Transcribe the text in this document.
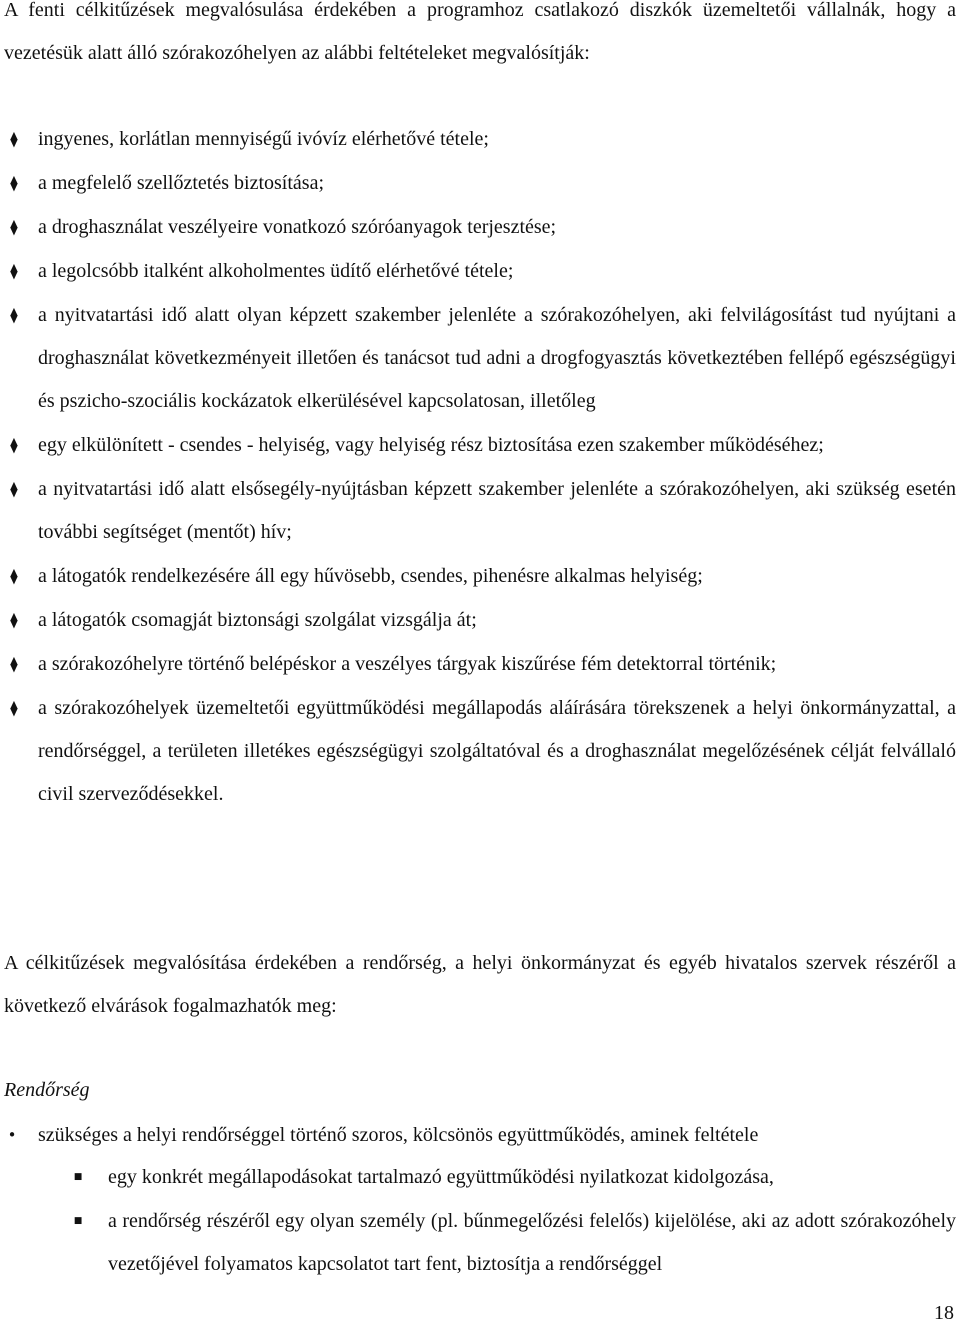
A fenti célkitűzések megvalósulása érdekében a programhoz csatlakozó diszkók üzemeltetői vállalnák, hogy a vezetésük alatt álló szórakozóhelyen az alábbi feltételeket megvalósítják:

⧫	ingyenes, korlátlan mennyiségű ivóvíz elérhetővé tétele;
⧫	a megfelelő szellőztetés biztosítása;
⧫	a droghasználat veszélyeire vonatkozó szóróanyagok terjesztése;
⧫	a legolcsóbb italként alkoholmentes üdítő elérhetővé tétele;
⧫	a nyitvatartási idő alatt olyan képzett szakember jelenléte a szórakozóhelyen, aki felvilágosítást tud nyújtani a droghasználat következményeit illetően és tanácsot tud adni a drogfogyasztás következtében fellépő egészségügyi és pszicho-szociális kockázatok elkerülésével kapcsolatosan, illetőleg
⧫	egy elkülönített - csendes - helyiség, vagy helyiség rész biztosítása ezen szakember működéséhez;
⧫	a nyitvatartási idő alatt elsősegély-nyújtásban képzett szakember jelenléte a szórakozóhelyen, aki szükség esetén további segítséget (mentőt) hív;
⧫	a látogatók rendelkezésére áll egy hűvösebb, csendes, pihenésre alkalmas helyiség;
⧫	a látogatók csomagját biztonsági szolgálat vizsgálja át;
⧫	a szórakozóhelyre történő belépéskor a veszélyes tárgyak kiszűrése fém detektorral történik;
⧫	a szórakozóhelyek üzemeltetői együttműködési megállapodás aláírására törekszenek a helyi önkormányzattal, a rendőrséggel, a területen illetékes egészségügyi szolgáltatóval és a droghasználat megelőzésének célját felvállaló civil szerveződésekkel.

A célkitűzések megvalósítása érdekében a rendőrség, a helyi önkormányzat és egyéb hivatalos szervek részéről a következő elvárások fogalmazhatók meg:

Rendőrség

• szükséges a helyi rendőrséggel történő szoros, kölcsönös együttműködés, aminek feltétele
■ egy konkrét megállapodásokat tartalmazó együttműködési nyilatkozat kidolgozása,
■ a rendőrség részéről egy olyan személy (pl. bűnmegelőzési felelős) kijelölése, aki az adott szórakozóhely vezetőjével folyamatos kapcsolatot tart fent, biztosítja a rendőrséggel
18
